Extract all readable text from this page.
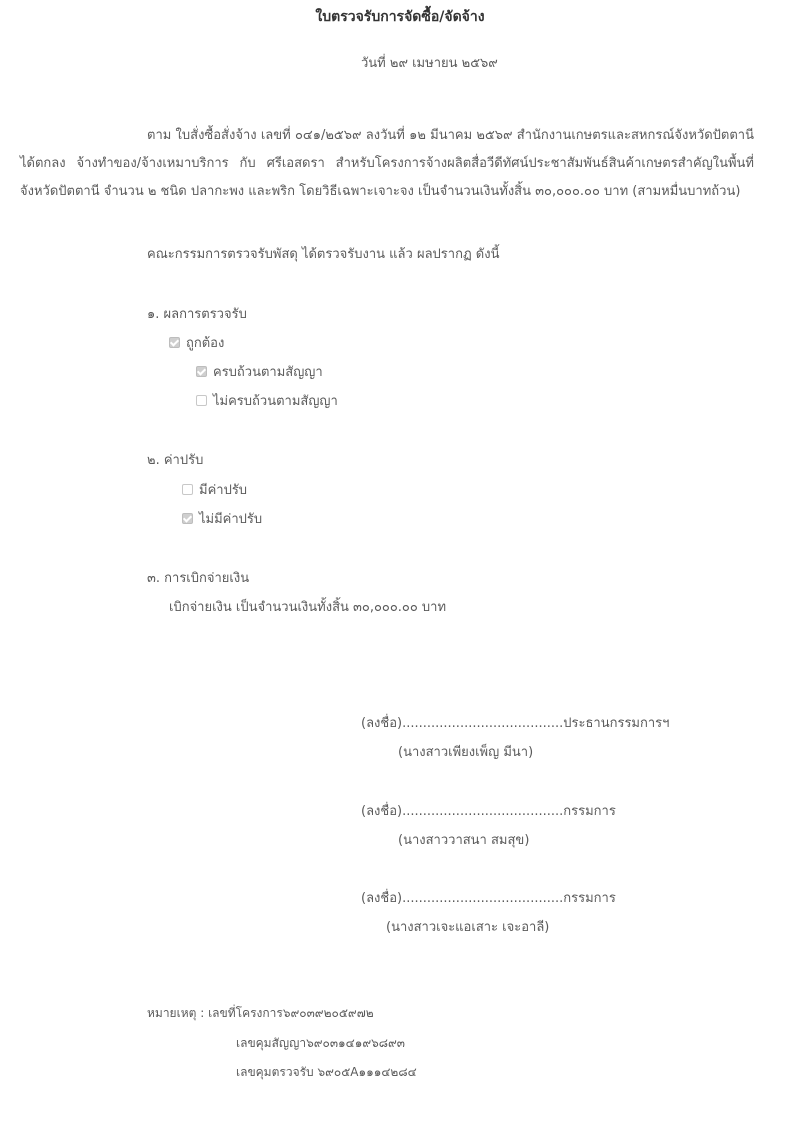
ใบตรวจรับการจัดซื้อ/จัดจ้าง
วันที่ ๒๙ เมษายน ๒๕๖๙
ตาม ใบสั่งซื้อสั่งจ้าง เลขที่ ๐๔๑/๒๕๖๙ ลงวันที่ ๑๒ มีนาคม ๒๕๖๙ สำนักงานเกษตรและสหกรณ์จังหวัดปัตตานี ได้ตกลง จ้างทำของ/จ้างเหมาบริการ กับ ศรีเอสดรา สำหรับโครงการจ้างผลิตสื่อวีดีทัศน์ประชาสัมพันธ์สินค้าเกษตรสำคัญในพื้นที่จังหวัดปัตตานี จำนวน ๒ ชนิด ปลากะพง และพริก โดยวิธีเฉพาะเจาะจง เป็นจำนวนเงินทั้งสิ้น ๓๐,๐๐๐.๐๐ บาท (สามหมื่นบาทถ้วน)
คณะกรรมการตรวจรับพัสดุ ได้ตรวจรับงาน แล้ว ผลปรากฏ ดังนี้
๑. ผลการตรวจรับ
ถูกต้อง
ครบถ้วนตามสัญญา
ไม่ครบถ้วนตามสัญญา
๒. ค่าปรับ
มีค่าปรับ
ไม่มีค่าปรับ
๓. การเบิกจ่ายเงิน
เบิกจ่ายเงิน เป็นจำนวนเงินทั้งสิ้น ๓๐,๐๐๐.๐๐ บาท
(ลงชื่อ).......................................ประธานกรรมการฯ
(นางสาวเพียงเพ็ญ มีนา)
(ลงชื่อ).......................................กรรมการ
(นางสาววาสนา สมสุข)
(ลงชื่อ).......................................กรรมการ
(นางสาวเจะแอเสาะ เจะอาลี)
หมายเหตุ : เลขที่โครงการ๖๙๐๓๙๒๐๕๙๗๒
เลขคุมสัญญา๖๙๐๓๑๔๑๙๖๘๙๓
เลขคุมตรวจรับ ๖๙๐๕A๑๑๑๔๒๘๔
